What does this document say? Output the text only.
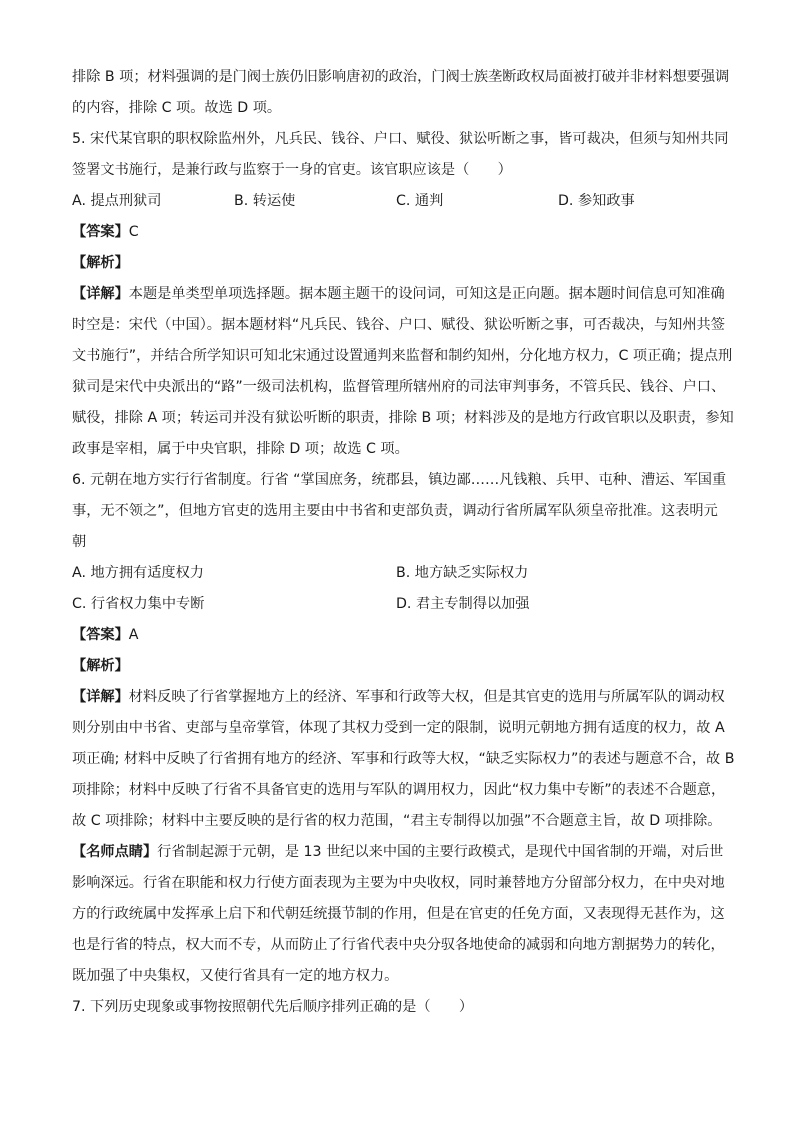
排除 B 项；材料强调的是门阀士族仍旧影响唐初的政治，门阀士族垄断政权局面被打破并非材料想要强调
的内容，排除 C 项。故选 D 项。
5. 宋代某官职的职权除监州外，凡兵民、钱谷、户口、赋役、狱讼听断之事，皆可裁决，但须与知州共同
签署文书施行，是兼行政与监察于一身的官吏。该官职应该是（　　）
A. 提点刑狱司	B. 转运使	C. 通判	D. 参知政事
【答案】C
【解析】
【详解】本题是单类型单项选择题。据本题主题干的设问词，可知这是正向题。据本题时间信息可知准确
时空是：宋代（中国）。据本题材料“凡兵民、钱谷、户口、赋役、狱讼听断之事，可否裁决，与知州共签
文书施行”，并结合所学知识可知北宋通过设置通判来监督和制约知州，分化地方权力，C 项正确；提点刑
狱司是宋代中央派出的“路”一级司法机构，监督管理所辖州府的司法审判事务，不管兵民、钱谷、户口、
赋役，排除 A 项；转运司并没有狱讼听断的职责，排除 B 项；材料涉及的是地方行政官职以及职责，参知
政事是宰相，属于中央官职，排除 D 项；故选 C 项。
6. 元朝在地方实行行省制度。行省 “掌国庶务，统郡县，镇边鄙……凡钱粮、兵甲、屯种、漕运、军国重
事，无不领之”，但地方官吏的选用主要由中书省和吏部负责，调动行省所属军队须皇帝批准。这表明元
朝
A. 地方拥有适度权力	B. 地方缺乏实际权力
C. 行省权力集中专断	D. 君主专制得以加强
【答案】A
【解析】
【详解】材料反映了行省掌握地方上的经济、军事和行政等大权，但是其官吏的选用与所属军队的调动权
则分别由中书省、吏部与皇帝掌管，体现了其权力受到一定的限制，说明元朝地方拥有适度的权力，故 A
项正确; 材料中反映了行省拥有地方的经济、军事和行政等大权，“缺乏实际权力”的表述与题意不合，故 B
项排除；材料中反映了行省不具备官吏的选用与军队的调用权力，因此“权力集中专断”的表述不合题意，
故 C 项排除；材料中主要反映的是行省的权力范围，“君主专制得以加强”不合题意主旨，故 D 项排除。
【名师点睛】行省制起源于元朝，是 13 世纪以来中国的主要行政模式，是现代中国省制的开端，对后世
影响深远。行省在职能和权力行使方面表现为主要为中央收权，同时兼替地方分留部分权力，在中央对地
方的行政统属中发挥承上启下和代朝廷统摄节制的作用，但是在官吏的任免方面，又表现得无甚作为，这
也是行省的特点，权大而不专，从而防止了行省代表中央分驭各地使命的减弱和向地方割据势力的转化，
既加强了中央集权，又使行省具有一定的地方权力。
7. 下列历史现象或事物按照朝代先后顺序排列正确的是（　　）
